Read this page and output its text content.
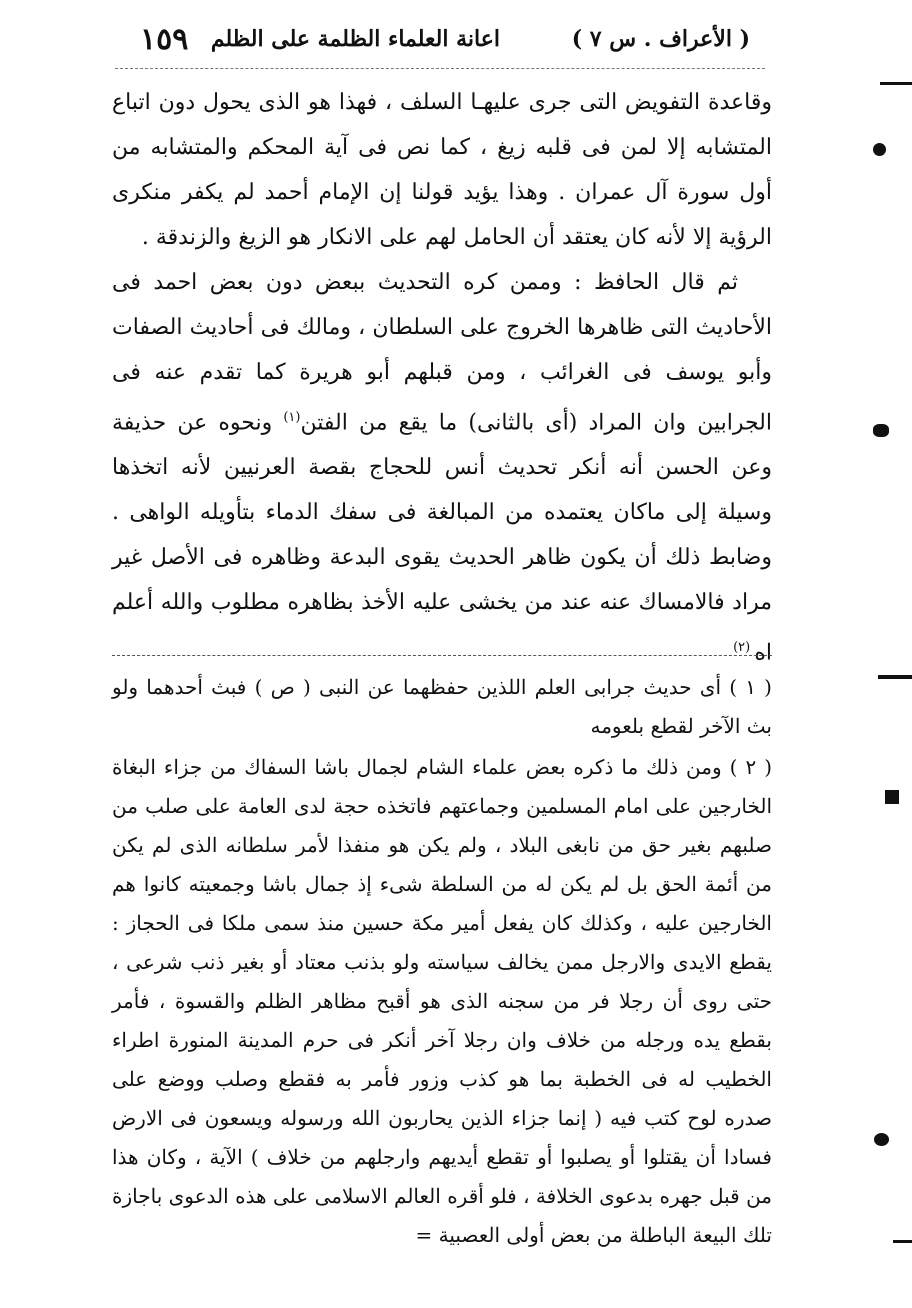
( الأعراف . س ٧ )
اعانة العلماء الظلمة على الظلم
١٥٩

وقاعدة التفويض التى جرى عليهـا السلف ، فهذا هو الذى يحول دون اتباع المتشابه إلا لمن فى قلبه زيغ ، كما نص فى آية المحكم والمتشابه من أول سورة آل عمران . وهذا يؤيد قولنا إن الإمام أحمد لم يكفر منكرى الرؤية إلا لأنه كان يعتقد أن الحامل لهم على الانكار هو الزيغ والزندقة .

ثم قال الحافظ : وممن كره التحديث ببعض دون بعض احمد فى الأحاديث التى ظاهرها الخروج على السلطان ، ومالك فى أحاديث الصفات وأبو يوسف فى الغرائب ، ومن قبلهم أبو هريرة كما تقدم عنه فى الجرابين وان المراد (أى بالثانى) ما يقع من الفتن$^{(١)}$ ونحوه عن حذيفة وعن الحسن أنه أنكر تحديث أنس للحجاج بقصة العرنيين لأنه اتخذها وسيلة إلى ماكان يعتمده من المبالغة فى سفك الدماء بتأويله الواهى . وضابط ذلك أن يكون ظاهر الحديث يقوى البدعة وظاهره فى الأصل غير مراد فالامساك عنه عند من يخشى عليه الأخذ بظاهره مطلوب والله أعلم اه $^{(٢)}$

( ١ ) أى حديث جرابى العلم اللذين حفظهما عن النبى ( ص ) فبث أحدهما ولو بث الآخر لقطع بلعومه

( ٢ ) ومن ذلك ما ذكره بعض علماء الشام لجمال باشا السفاك من جزاء البغاة الخارجين على امام المسلمين وجماعتهم فاتخذه حجة لدى العامة على صلب من صلبهم بغير حق من نابغى البلاد ، ولم يكن هو منفذا لأمر سلطانه الذى لم يكن من أئمة الحق بل لم يكن له من السلطة شىء إذ جمال باشا وجمعيته كانوا هم الخارجين عليه ، وكذلك كان يفعل أمير مكة حسين منذ سمى ملكا فى الحجاز : يقطع الايدى والارجل ممن يخالف سياسته ولو بذنب معتاد أو بغير ذنب شرعى ، حتى روى أن رجلا فر من سجنه الذى هو أقبح مظاهر الظلم والقسوة ، فأمر بقطع يده ورجله من خلاف وان رجلا آخر أنكر فى حرم المدينة المنورة اطراء الخطيب له فى الخطبة بما هو كذب وزور فأمر به فقطع وصلب ووضع على صدره لوح كتب فيه ( إنما جزاء الذين يحاربون الله ورسوله ويسعون فى الارض فسادا أن يقتلوا أو يصلبوا أو تقطع أيديهم وارجلهم من خلاف ) الآية ، وكان هذا من قبل جهره بدعوى الخلافة ، فلو أقره العالم الاسلامى على هذه الدعوى باجازة تلك البيعة الباطلة من بعض أولى العصبية =
